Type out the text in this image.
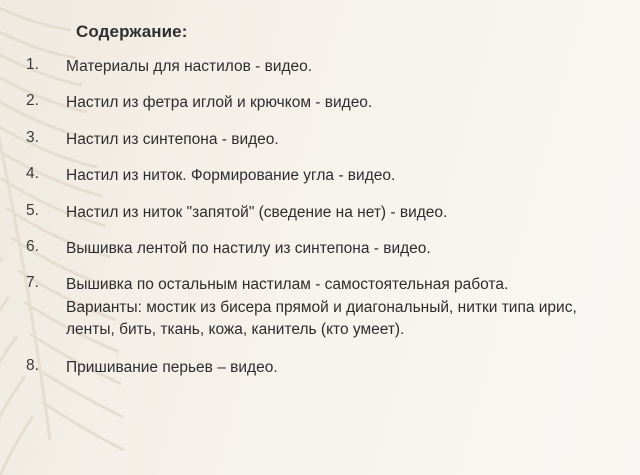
Содержание:
1.	Материалы для настилов - видео.
2.	Настил из фетра иглой и крючком - видео.
3.	Настил из синтепона - видео.
4.	Настил из ниток. Формирование угла - видео.
5.	Настил из ниток "запятой" (сведение на нет) - видео.
6.	Вышивка лентой по настилу из синтепона - видео.
7.	Вышивка по остальным настилам - самостоятельная работа. Варианты: мостик из бисера прямой и диагональный, нитки типа ирис, ленты, бить, ткань, кожа, канитель (кто умеет).
8.	Пришивание перьев – видео.
